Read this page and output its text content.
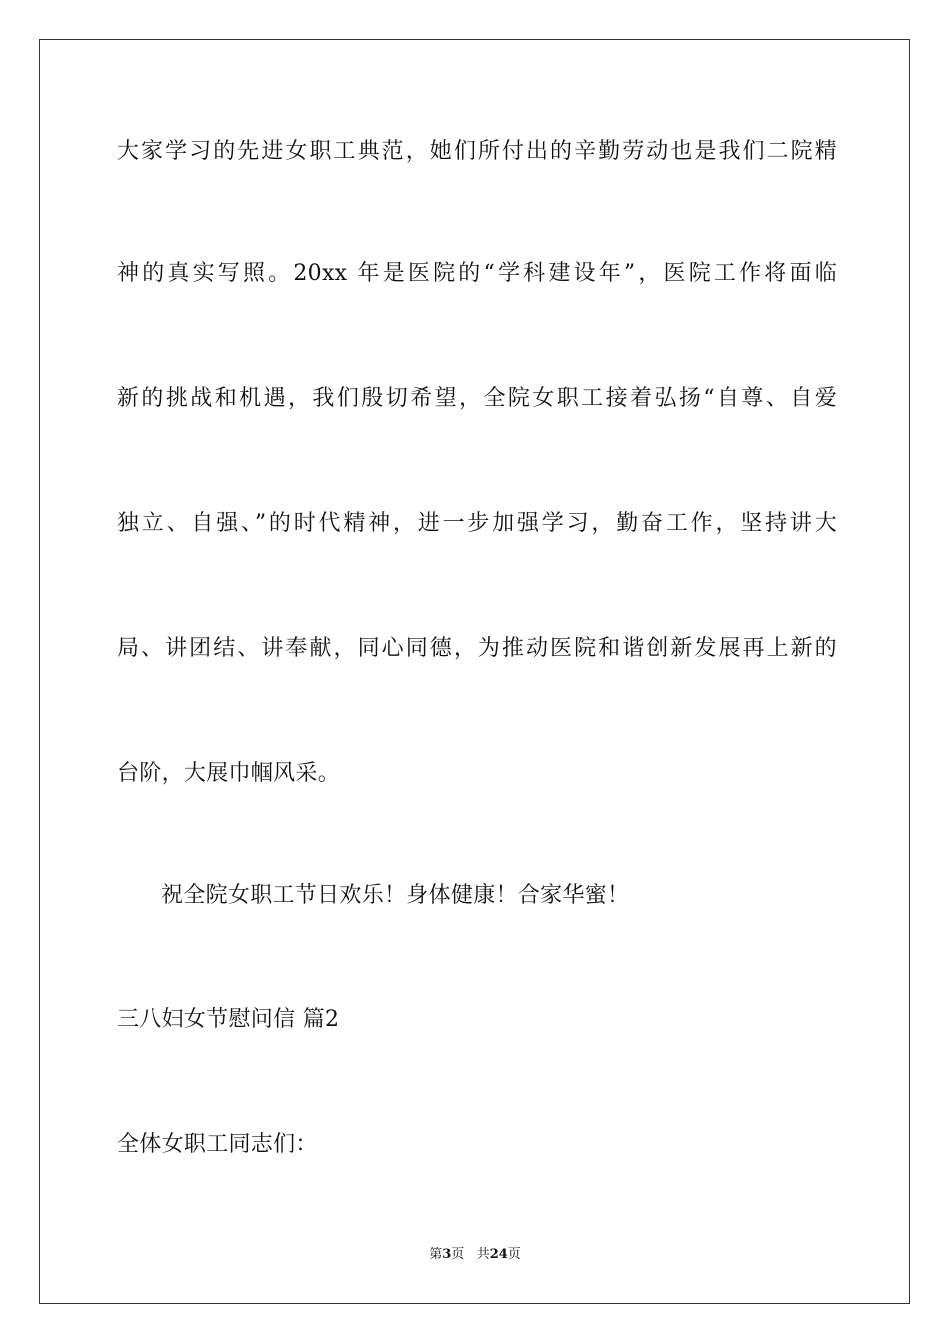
大家学习的先进女职工典范，她们所付出的辛勤劳动也是我们二院精
神的真实写照。20xx 年是医院的“学科建设年”，医院工作将面临
新的挑战和机遇，我们殷切希望，全院女职工接着弘扬“自尊、自爱
独立、自强、”的时代精神，进一步加强学习，勤奋工作，坚持讲大
局、讲团结、讲奉献，同心同德，为推动医院和谐创新发展再上新的
台阶，大展巾帼风采。
祝全院女职工节日欢乐！身体健康！合家华蜜！
三八妇女节慰问信 篇2
全体女职工同志们：
第3页 共24页
